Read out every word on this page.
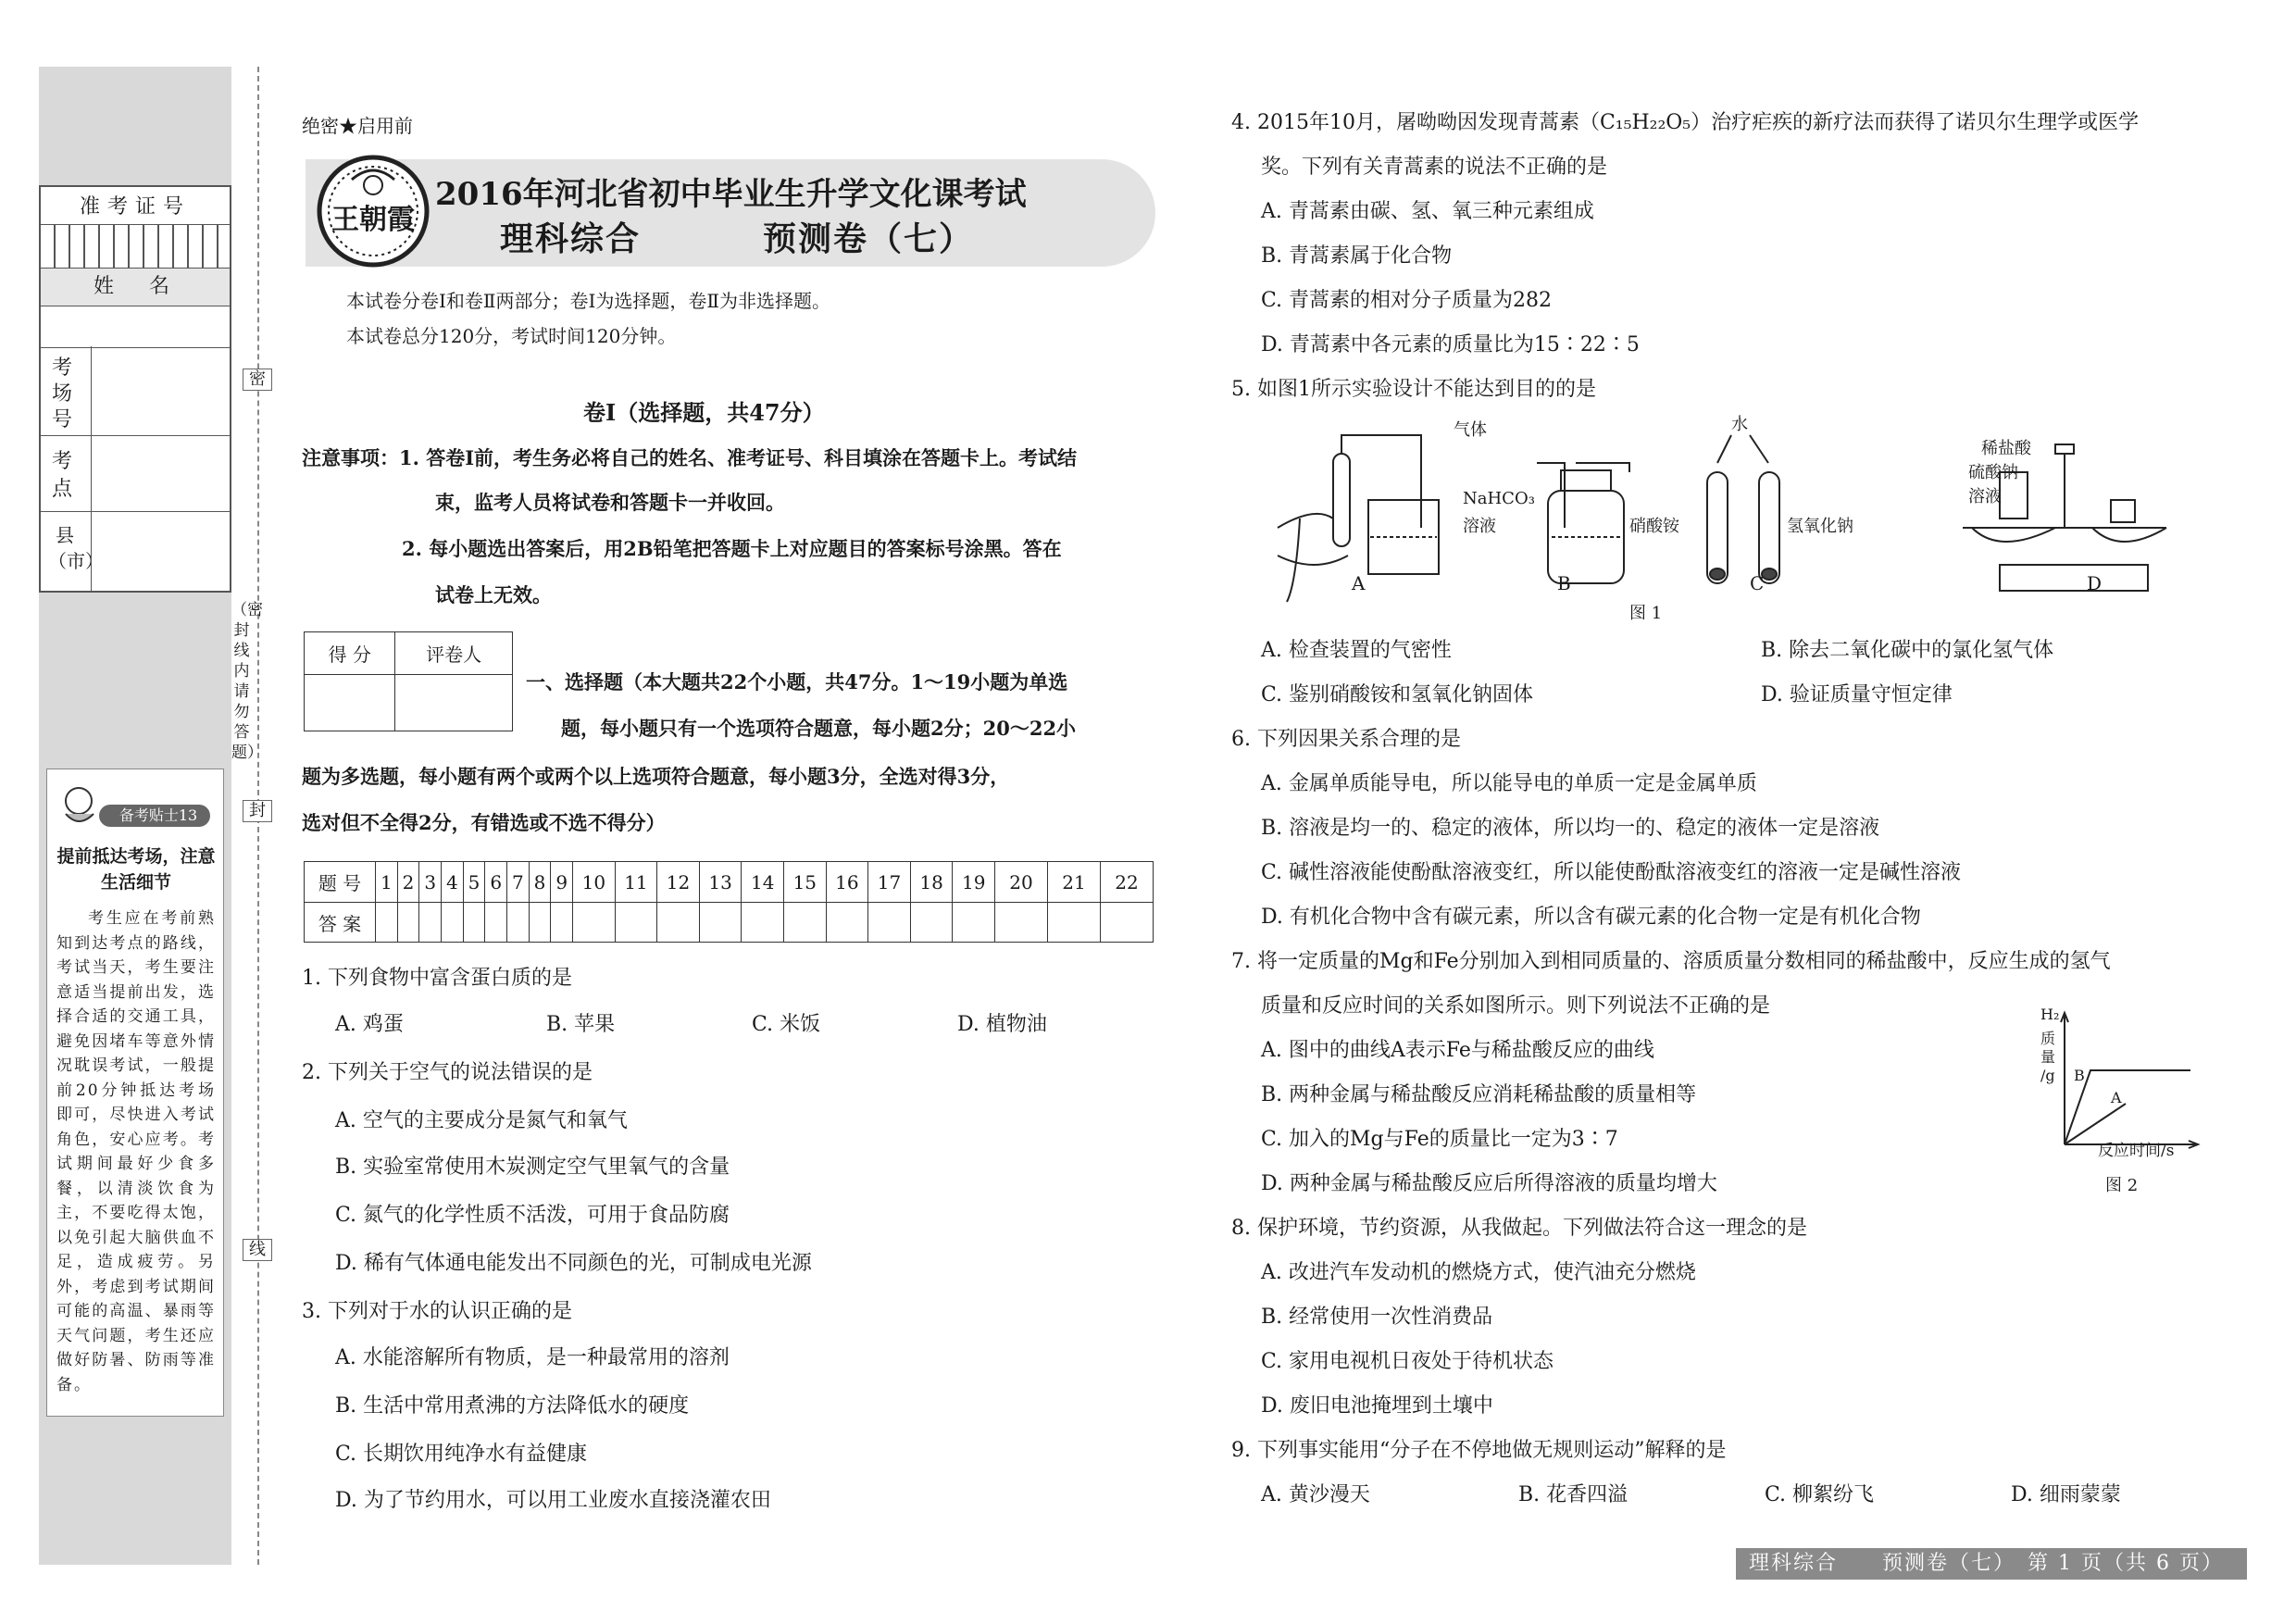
准考证号
姓　名
考场号
考点
县（市）
备考贴士13
提前抵达考场，注意生活细节
考生应在考前熟知到达考点的路线，考试当天，考生要注意适当提前出发，选择合适的交通工具，避免因堵车等意外情况耽误考试，一般提前20分钟抵达考场即可，尽快进入考试角色，安心应考。考试期间最好少食多餐，以清淡饮食为主，不要吃得太饱，以免引起大脑供血不足，造成疲劳。另外，考虑到考试期间可能的高温、暴雨等天气问题，考生还应做好防暑、防雨等准备。
密
封
线
（密封线内请勿答题）
绝密★启用前
王朝霞
2016年河北省初中毕业生升学文化课考试
理科综合	预测卷（七）
本试卷分卷Ⅰ和卷Ⅱ两部分；卷Ⅰ为选择题，卷Ⅱ为非选择题。
本试卷总分120分，考试时间120分钟。
卷Ⅰ（选择题，共47分）
注意事项：1. 答卷Ⅰ前，考生务必将自己的姓名、准考证号、科目填涂在答题卡上。考试结
束，监考人员将试卷和答题卡一并收回。
2. 每小题选出答案后，用2B铅笔把答题卡上对应题目的答案标号涂黑。答在
试卷上无效。
得 分	评卷人

一、选择题（本大题共22个小题，共47分。1～19小题为单选
题，每小题只有一个选项符合题意，每小题2分；20～22小
题为多选题，每小题有两个或两个以上选项符合题意，每小题3分，全选对得3分，
选对但不全得2分，有错选或不选不得分）
题 号	1	2	3	4	5	6	7	8	9	10	11	12	13	14	15	16	17	18	19	20	21	22
答 案																						
1. 下列食物中富含蛋白质的是
A. 鸡蛋	B. 苹果	C. 米饭	D. 植物油
2. 下列关于空气的说法错误的是
A. 空气的主要成分是氮气和氧气
B. 实验室常使用木炭测定空气里氧气的含量
C. 氮气的化学性质不活泼，可用于食品防腐
D. 稀有气体通电能发出不同颜色的光，可制成电光源
3. 下列对于水的认识正确的是
A. 水能溶解所有物质，是一种最常用的溶剂
B. 生活中常用煮沸的方法降低水的硬度
C. 长期饮用纯净水有益健康
D. 为了节约用水，可以用工业废水直接浇灌农田
4. 2015年10月，屠呦呦因发现青蒿素（C₁₅H₂₂O₅）治疗疟疾的新疗法而获得了诺贝尔生理学或医学
奖。下列有关青蒿素的说法不正确的是
A. 青蒿素由碳、氢、氧三种元素组成
B. 青蒿素属于化合物
C. 青蒿素的相对分子质量为282
D. 青蒿素中各元素的质量比为15∶22∶5
5. 如图1所示实验设计不能达到目的的是
气体
NaHCO₃
溶液
水
硝酸铵	氢氧化钠
稀盐酸
硫酸钠
溶液
A	B	C	D
图 1
A. 检查装置的气密性	B. 除去二氧化碳中的氯化氢气体
C. 鉴别硝酸铵和氢氧化钠固体	D. 验证质量守恒定律
6. 下列因果关系合理的是
A. 金属单质能导电，所以能导电的单质一定是金属单质
B. 溶液是均一的、稳定的液体，所以均一的、稳定的液体一定是溶液
C. 碱性溶液能使酚酞溶液变红，所以能使酚酞溶液变红的溶液一定是碱性溶液
D. 有机化合物中含有碳元素，所以含有碳元素的化合物一定是有机化合物
7. 将一定质量的Mg和Fe分别加入到相同质量的、溶质质量分数相同的稀盐酸中，反应生成的氢气
质量和反应时间的关系如图所示。则下列说法不正确的是
A. 图中的曲线A表示Fe与稀盐酸反应的曲线
B. 两种金属与稀盐酸反应消耗稀盐酸的质量相等
C. 加入的Mg与Fe的质量比一定为3∶7
D. 两种金属与稀盐酸反应后所得溶液的质量均增大
H₂
质
量
/g B
A
反应时间/s
图 2
8. 保护环境，节约资源，从我做起。下列做法符合这一理念的是
A. 改进汽车发动机的燃烧方式，使汽油充分燃烧
B. 经常使用一次性消费品
C. 家用电视机日夜处于待机状态
D. 废旧电池掩埋到土壤中
9. 下列事实能用“分子在不停地做无规则运动”解释的是
A. 黄沙漫天	B. 花香四溢	C. 柳絮纷飞	D. 细雨蒙蒙
理科综合　　预测卷（七）　第 1 页（共 6 页）
